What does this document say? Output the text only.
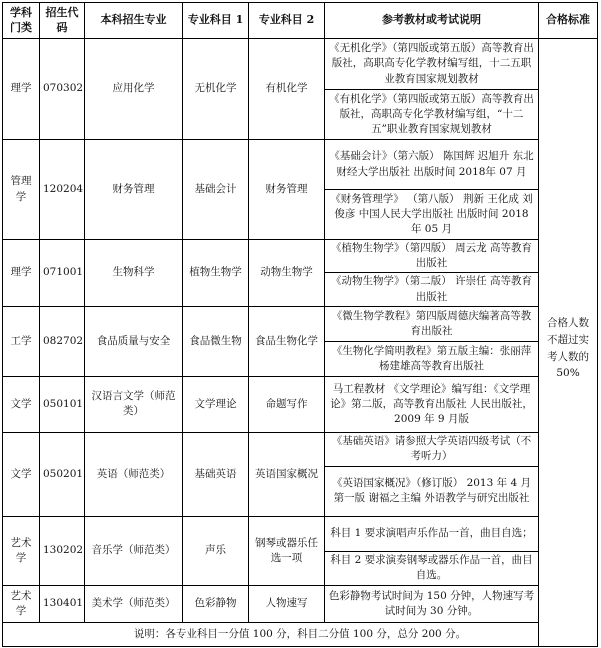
学科门类	招生代码	本科招生专业	专业科目 1	专业科目 2	参考教材或考试说明	合格标准
理学	070302	应用化学	无机化学	有机化学	《无机化学》（第四版或第五版）高等教育出版社，高职高专化学教材编写组，十二五职业教育国家规划教材	合格人数不超过实考人数的 50%
					《有机化学》（第四版或第五版）高等教育出版社，高职高专化学教材编写组，“十二五”职业教育国家规划教材	
管理学	120204	财务管理	基础会计	财务管理	《基础会计》（第六版） 陈国辉 迟旭升 东北财经大学出版社 出版时间 2018年 07 月	
					《财务管理学》 （第八版） 荆新 王化成 刘俊彦 中国人民大学出版社 出版时间 2018 年 05 月	
理学	071001	生物科学	植物生物学	动物生物学	《植物生物学》（第四版） 周云龙 高等教育出版社	
					《动物生物学》（第二版） 许崇任 高等教育出版社	
工学	082702	食品质量与安全	食品微生物	食品生物化学	《微生物学教程》第四版周德庆编著高等教育出版社	
					《生物化学简明教程》第五版主编：张丽萍杨建雄高等教育出版社	
文学	050101	汉语言文学（师范类）	文学理论	命题写作	马工程教材 《文学理论》编写组：《文学理论》第二版，高等教育出版社 人民出版社，2009 年 9 月版	
文学	050201	英语（师范类）	基础英语	英语国家概况	《基础英语》请参照大学英语四级考试（不考听力）	
					《英语国家概况》（修订版） 2013 年 4 月第一版 谢福之主编 外语教学与研究出版社	
艺术学	130202	音乐学（师范类）	声乐	钢琴或器乐任选一项	科目 1 要求演唱声乐作品一首，曲目自选；	
					科目 2 要求演奏钢琴或器乐作品一首，曲目自选。	
艺术学	130401	美术学（师范类）	色彩静物	人物速写	色彩静物考试时间为 150 分钟，人物速写考试时间为 30 分钟。	
说明：各专业科目一分值 100 分，科目二分值 100 分，总分 200 分。						
